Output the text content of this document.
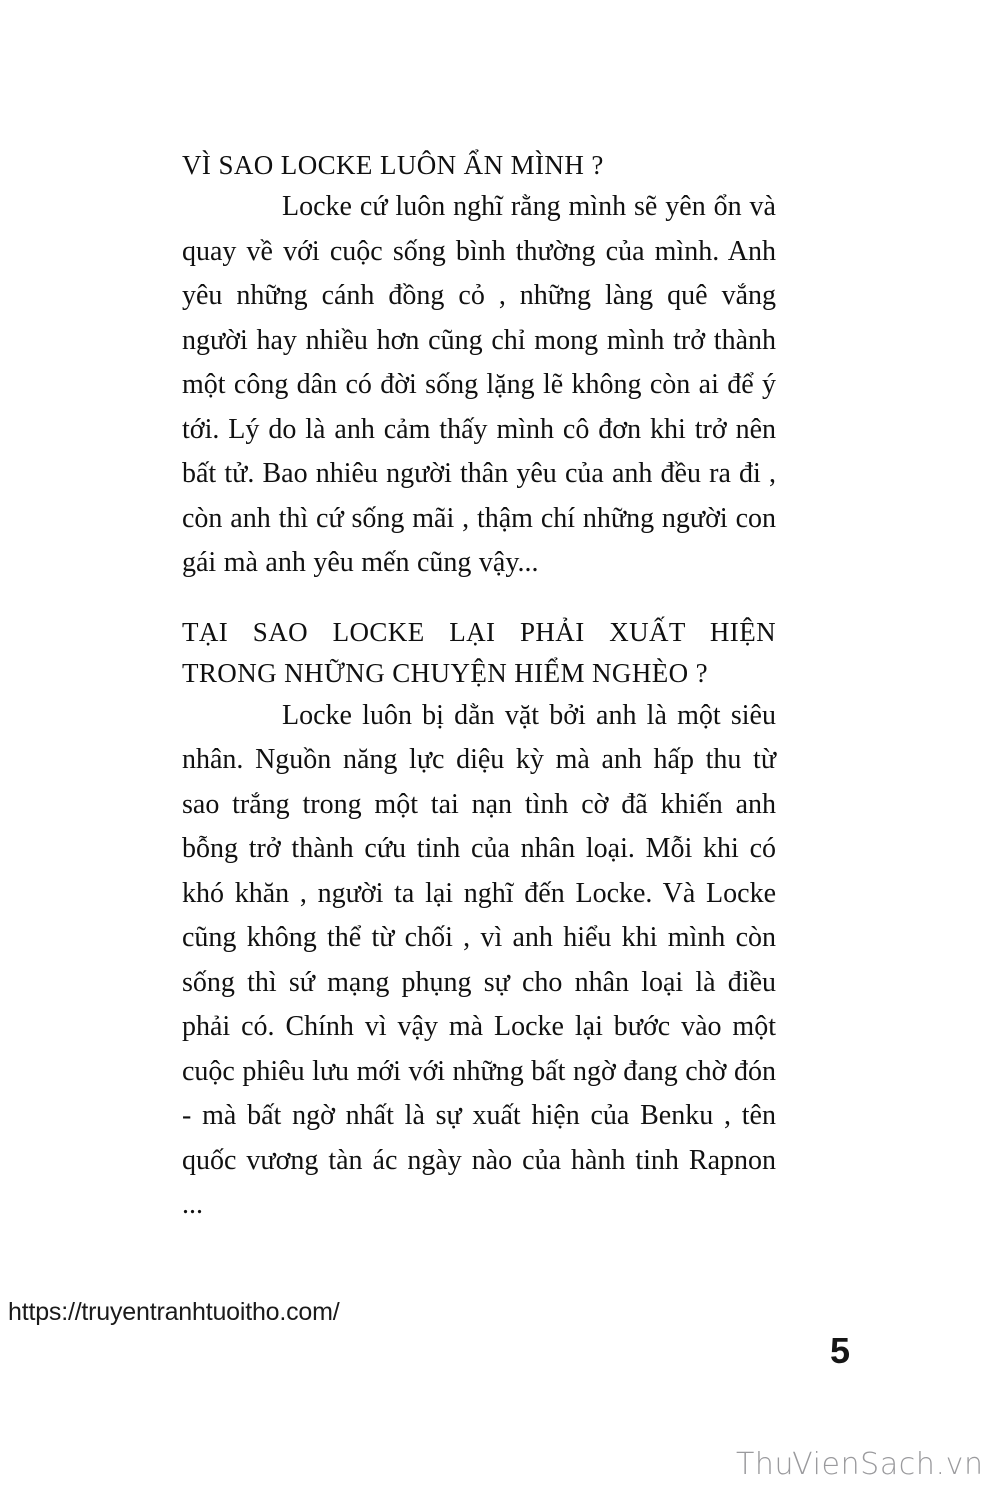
VÌ SAO LOCKE LUÔN ẨN MÌNH ?

Locke cứ luôn nghĩ rằng mình sẽ yên ổn và quay về với cuộc sống bình thường của mình. Anh yêu những cánh đồng cỏ , những làng quê vắng người hay nhiều hơn cũng chỉ mong mình trở thành một công dân có đời sống lặng lẽ không còn ai để ý tới. Lý do là anh cảm thấy mình cô đơn khi trở nên bất tử. Bao nhiêu người thân yêu của anh đều ra đi , còn anh thì cứ sống mãi , thậm chí những người con gái mà anh yêu mến cũng vậy...

TẠI SAO LOCKE LẠI PHẢI XUẤT HIỆN
TRONG NHỮNG CHUYỆN HIỂM NGHÈO ?

Locke luôn bị dằn vặt bởi anh là một siêu nhân. Nguồn năng lực diệu kỳ mà anh hấp thu từ sao trắng trong một tai nạn tình cờ đã khiến anh bỗng trở thành cứu tinh của nhân loại. Mỗi khi có khó khăn , người ta lại nghĩ đến Locke. Và Locke cũng không thể từ chối , vì anh hiểu khi mình còn sống thì sứ mạng phụng sự cho nhân loại là điều phải có. Chính vì vậy mà Locke lại bước vào một cuộc phiêu lưu mới với những bất ngờ đang chờ đón - mà bất ngờ nhất là sự xuất hiện của Benku , tên quốc vương tàn ác ngày nào của hành tinh Rapnon ...

https://truyentranhtuoitho.com/
5
ThuVienSach.vn
